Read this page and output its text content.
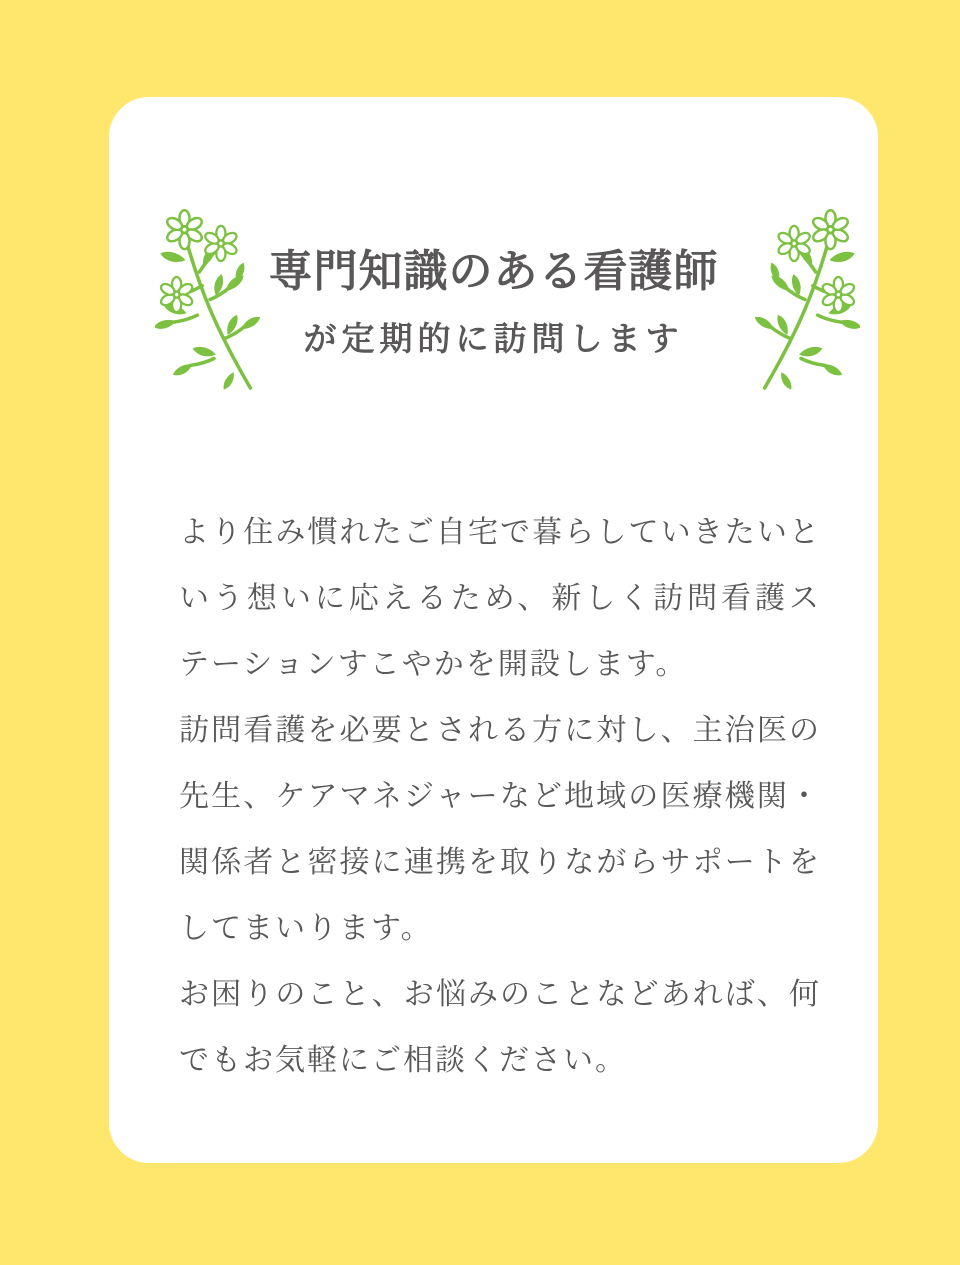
専門知識のある看護師
が定期的に訪問します
より住み慣れたご自宅で暮らしていきたいと
いう想いに応えるため、新しく訪問看護ス
テーションすこやかを開設します。
訪問看護を必要とされる方に対し、主治医の
先生、ケアマネジャーなど地域の医療機関・
関係者と密接に連携を取りながらサポートを
してまいります。
お困りのこと、お悩みのことなどあれば、何
でもお気軽にご相談ください。
